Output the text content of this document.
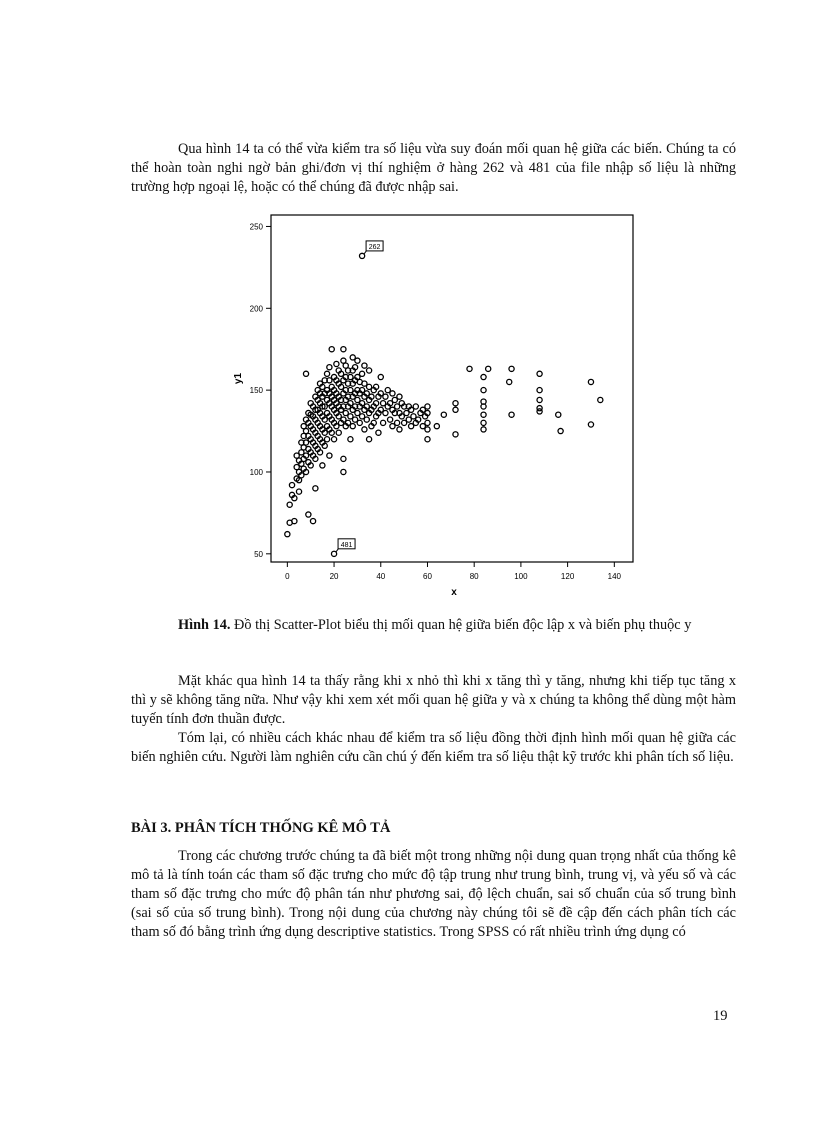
Qua hình 14 ta có thể vừa kiểm tra số liệu vừa suy đoán mối quan hệ giữa các biến. Chúng ta có thể hoàn toàn nghi ngờ bản ghi/đơn vị thí nghiệm ở hàng 262 và 481 của file nhập số liệu là những trường hợp ngoại lệ, hoặc có thể chúng đã được nhập sai.

0	20	40	60	80	100	120	140
50
100
150
200
250
x
y1
262
481

Hình 14. Đồ thị Scatter-Plot biểu thị mối quan hệ giữa biến độc lập x và biến phụ thuộc y

Mặt khác qua hình 14 ta thấy rằng khi x nhỏ thì khi x tăng thì y tăng, nhưng khi tiếp tục tăng x thì y sẽ không tăng nữa. Như vậy khi xem xét mối quan hệ giữa y và x chúng ta không thể dùng một hàm tuyến tính đơn thuần được.

Tóm lại, có nhiều cách khác nhau để kiểm tra số liệu đồng thời định hình mối quan hệ giữa các biến nghiên cứu. Người làm nghiên cứu cần chú ý đến kiểm tra số liệu thật kỹ trước khi phân tích số liệu.

BÀI 3. PHÂN TÍCH THỐNG KÊ MÔ TẢ

Trong các chương trước chúng ta đã biết một trong những nội dung quan trọng nhất của thống kê mô tả là tính toán các tham số đặc trưng cho mức độ tập trung như trung bình, trung vị, và yếu số và các tham số đặc trưng cho mức độ phân tán như phương sai, độ lệch chuẩn, sai số chuẩn của số trung bình (sai số của số trung bình). Trong nội dung của chương này chúng tôi sẽ đề cập đến cách phân tích các tham số đó bằng trình ứng dụng descriptive statistics. Trong SPSS có rất nhiều trình ứng dụng có

19
